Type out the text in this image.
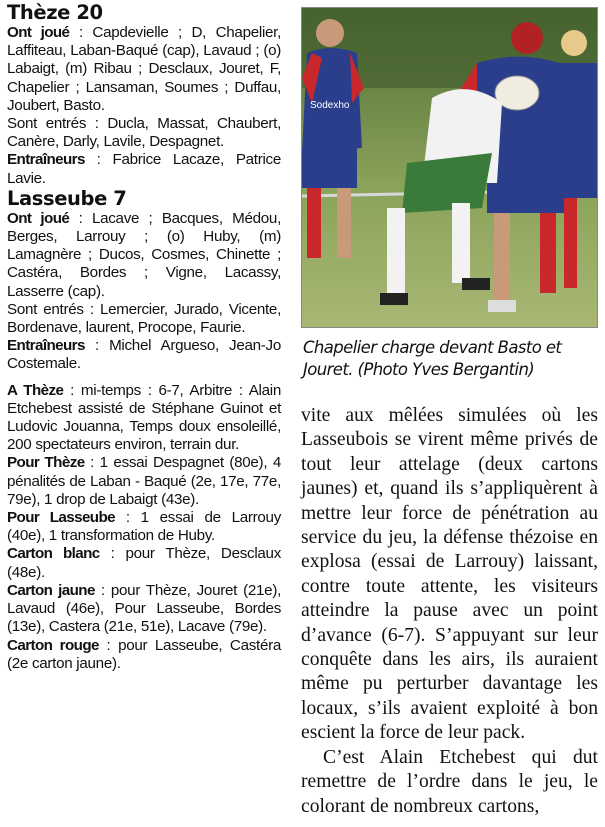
Thèze 20

Ont joué : Capdevielle ; D, Chapelier, Laffiteau, Laban-Baqué (cap), Lavaud ; (o) Labaigt, (m) Ribau ; Desclaux, Jouret, F, Chapelier ; Lansaman, Soumes ; Duffau, Joubert, Basto.

Sont entrés : Ducla, Massat, Chaubert, Canère, Darly, Lavile, Despagnet.

Entraîneurs : Fabrice Lacaze, Patrice Lavie.

Lasseube 7

Ont joué : Lacave ; Bacques, Médou, Berges, Larrouy ; (o) Huby, (m) Lamagnère ; Ducos, Cosmes, Chinette ; Castéra, Bordes ; Vigne, Lacassy, Lasserre (cap).

Sont entrés : Lemercier, Jurado, Vicente, Bordenave, laurent, Procope, Faurie.

Entraîneurs : Michel Argueso, Jean-Jo Costemale.

A Thèze : mi-temps : 6-7, Arbitre : Alain Etchebest assisté de Stéphane Guinot et Ludovic Jouanna, Temps doux ensoleillé, 200 spectateurs environ, terrain dur.

Pour Thèze : 1 essai Despagnet (80e), 4 pénalités de Laban - Baqué (2e, 17e, 77e, 79e), 1 drop de Labaigt (43e).

Pour Lasseube : 1 essai de Larrouy (40e), 1 transformation de Huby.

Carton blanc : pour Thèze, Desclaux (48e).

Carton jaune : pour Thèze, Jouret (21e), Lavaud (46e), Pour Lasseube, Bordes (13e), Castera (21e, 51e), Lacave (79e).

Carton rouge : pour Lasseube, Castéra (2e carton jaune).

Sodexho
Chapelier charge devant Basto et Jouret. (Photo Yves Bergantin)

vite aux mêlées simulées où les Lasseubois se virent même privés de tout leur attelage (deux cartons jaunes) et, quand ils s’appliquèrent à mettre leur force de pénétration au service du jeu, la défense thézoise en explosa (essai de Larrouy) laissant, contre toute attente, les visiteurs atteindre la pause avec un point d’avance (6-7). S’appuyant sur leur conquête dans les airs, ils auraient même pu perturber davantage les locaux, s’ils avaient exploité à bon escient la force de leur pack.

C’est Alain Etchebest qui dut remettre de l’ordre dans le jeu, le colorant de nombreux cartons,
